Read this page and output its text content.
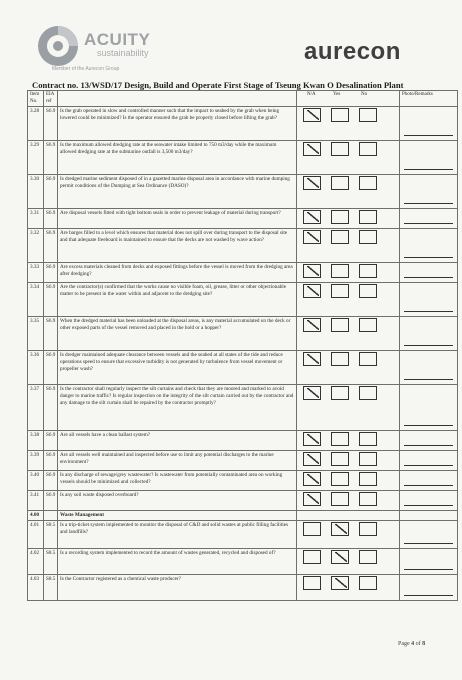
ACUITY
sustainability
Member of the Aurecon Group
aurecon
Contract no. 13/WSD/17 Design, Build and Operate First Stage of Tseung Kwan O Desalination Plant
Item No.	EIA ref		N/A Yes No	Photo/Remarks
3.28	S6.9	Is the grab operated in slow and controlled manner such that the impact to seabed by the grab when being lowered could be minimized? Is the operator ensured the grab be properly closed before lifting the grab?	

3.29	S6.9	Is the maximum allowed dredging rate at the seawater intake limited to 750 m3/day while the maximum allowed dredging rate at the submarine outfall is 3,500 m3/day?	

3.30	S6.9	Is dredged marine sediment disposed of in a gazetted marine disposal area in accordance with marine dumping permit conditions of the Dumping at Sea Ordinance (DASO)?	

3.31	S6.9	Are disposal vessels fitted with tight bottom seals in order to prevent leakage of material during transport?	

3.32	S6.9	Are barges filled to a level which ensures that material does not spill over during transport to the disposal site and that adequate freeboard is maintained to ensure that the decks are not washed by wave action?	

3.33	S6.9	Are excess materials cleaned from decks and exposed fittings before the vessel is moved from the dredging area after dredging?	

3.34	S6.9	Are the contractor(s) confirmed that the works cause no visible foam, oil, grease, litter or other objectionable matter to be present in the water within and adjacent to the dredging site?	

3.35	S6.9	When the dredged material has been unloaded at the disposal areas, is any material accumulated on the deck or other exposed parts of the vessel removed and placed in the hold or a hopper?	

3.36	S6.9	Is dredger maintained adequate clearance between vessels and the seabed at all states of the tide and reduce operations speed to ensure that excessive turbidity is not generated by turbulence from vessel movement or propeller wash?	

3.37	S6.9	Is the contractor shall regularly inspect the silt curtains and check that they are moored and marked to avoid danger to marine traffic? Is regular inspection on the integrity of the silt curtain carried out by the contractor and any damage to the silt curtain shall be repaired by the contractor promptly?	

3.38	S6.9	Are all vessels have a clean ballast system?	

3.39	S6.9	Are all vessels well maintained and inspected before use to limit any potential discharges to the marine environment?	

3.40	S6.9	Is any discharge of sewage/grey wastewater? Is wastewater from potentially contaminated area on working vessels should be minimized and collected?	

3.41	S6.9	Is any soil waste disposed overboard?	

4.00		Waste Management		
4.01	S8.5	Is a trip-ticket system implemented to monitor the disposal of C&D and solid wastes at public filling facilities and landfills?	

4.02	S8.5	Is a recording system implemented to record the amount of wastes generated, recycled and disposed of?	

4.03	S8.5	Is the Contractor registered as a chemical waste producer?	

Page 4 of 8
